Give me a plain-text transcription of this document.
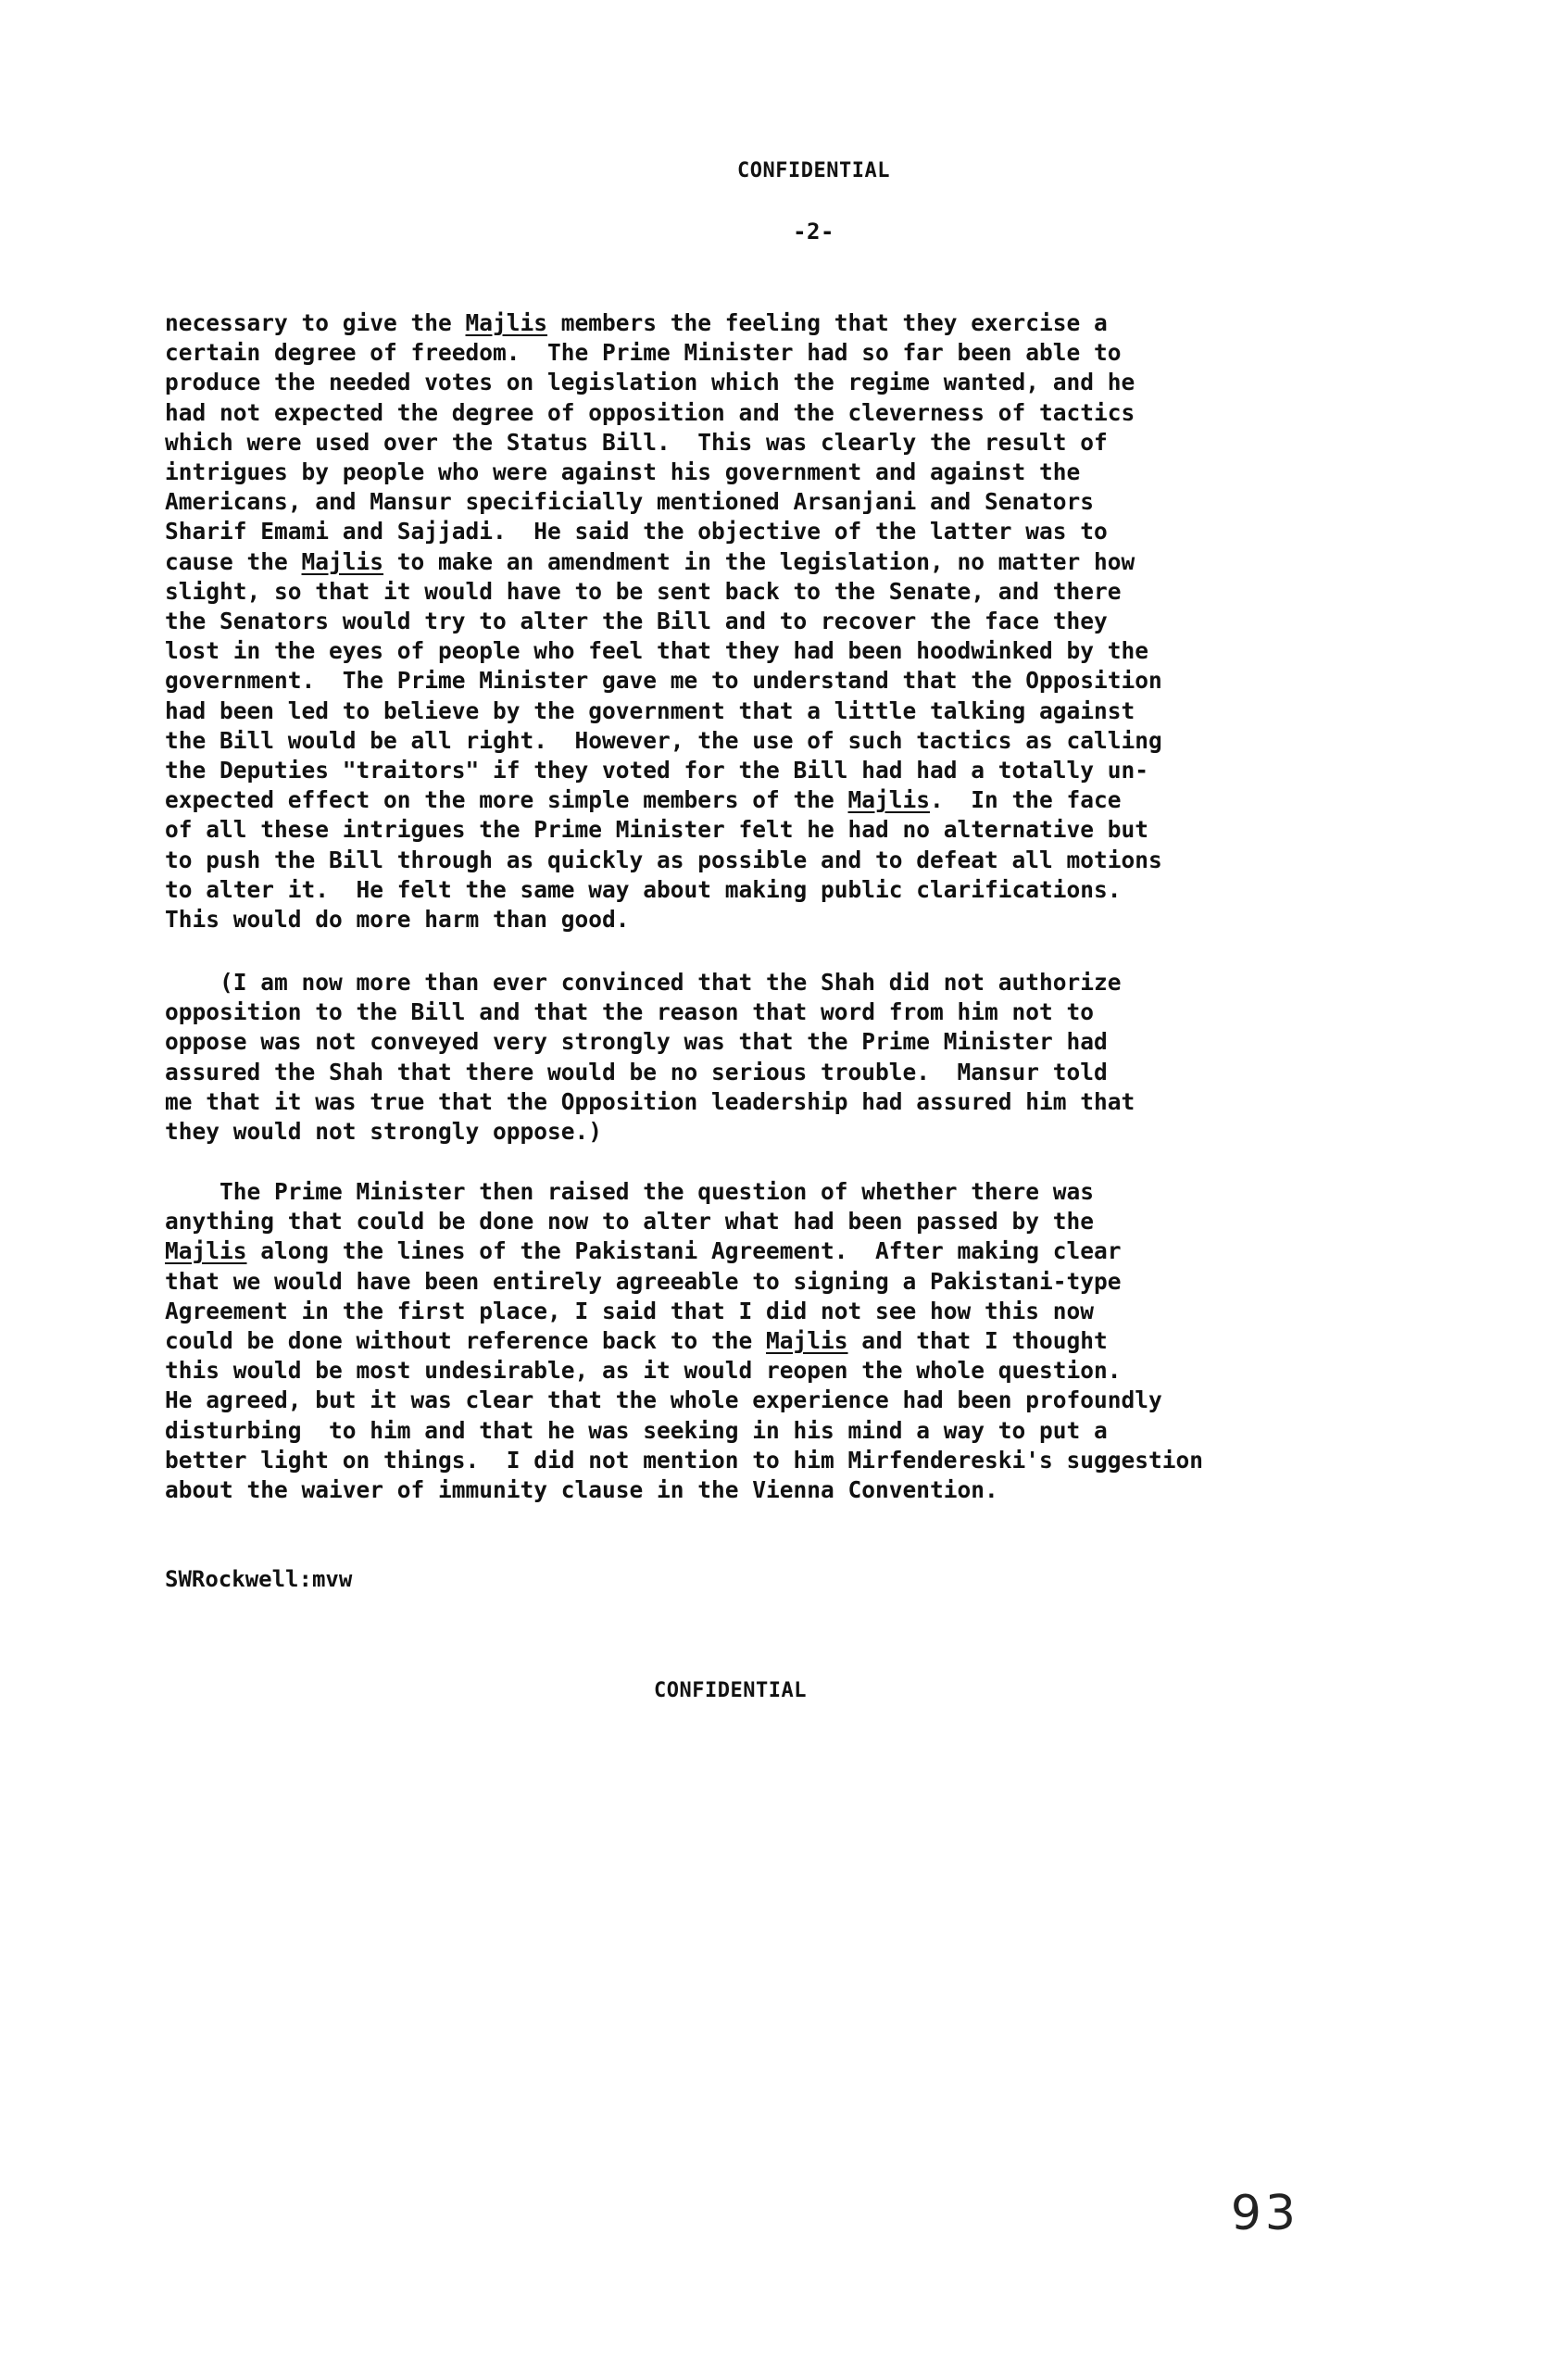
CONFIDENTIAL
-2-
necessary to give the Majlis members the feeling that they exercise a
certain degree of freedom.  The Prime Minister had so far been able to
produce the needed votes on legislation which the regime wanted, and he
had not expected the degree of opposition and the cleverness of tactics
which were used over the Status Bill.  This was clearly the result of
intrigues by people who were against his government and against the
Americans, and Mansur specificially mentioned Arsanjani and Senators
Sharif Emami and Sajjadi.  He said the objective of the latter was to
cause the Majlis to make an amendment in the legislation, no matter how
slight, so that it would have to be sent back to the Senate, and there
the Senators would try to alter the Bill and to recover the face they
lost in the eyes of people who feel that they had been hoodwinked by the
government.  The Prime Minister gave me to understand that the Opposition
had been led to believe by the government that a little talking against
the Bill would be all right.  However, the use of such tactics as calling
the Deputies "traitors" if they voted for the Bill had had a totally un-
expected effect on the more simple members of the Majlis.  In the face
of all these intrigues the Prime Minister felt he had no alternative but
to push the Bill through as quickly as possible and to defeat all motions
to alter it.  He felt the same way about making public clarifications.
This would do more harm than good.
(I am now more than ever convinced that the Shah did not authorize
opposition to the Bill and that the reason that word from him not to
oppose was not conveyed very strongly was that the Prime Minister had
assured the Shah that there would be no serious trouble.  Mansur told
me that it was true that the Opposition leadership had assured him that
they would not strongly oppose.)
The Prime Minister then raised the question of whether there was
anything that could be done now to alter what had been passed by the
Majlis along the lines of the Pakistani Agreement.  After making clear
that we would have been entirely agreeable to signing a Pakistani-type
Agreement in the first place, I said that I did not see how this now
could be done without reference back to the Majlis and that I thought
this would be most undesirable, as it would reopen the whole question.
He agreed, but it was clear that the whole experience had been profoundly
disturbing  to him and that he was seeking in his mind a way to put a
better light on things.  I did not mention to him Mirfendereski's suggestion
about the waiver of immunity clause in the Vienna Convention.
SWRockwell:mvw
CONFIDENTIAL
93
